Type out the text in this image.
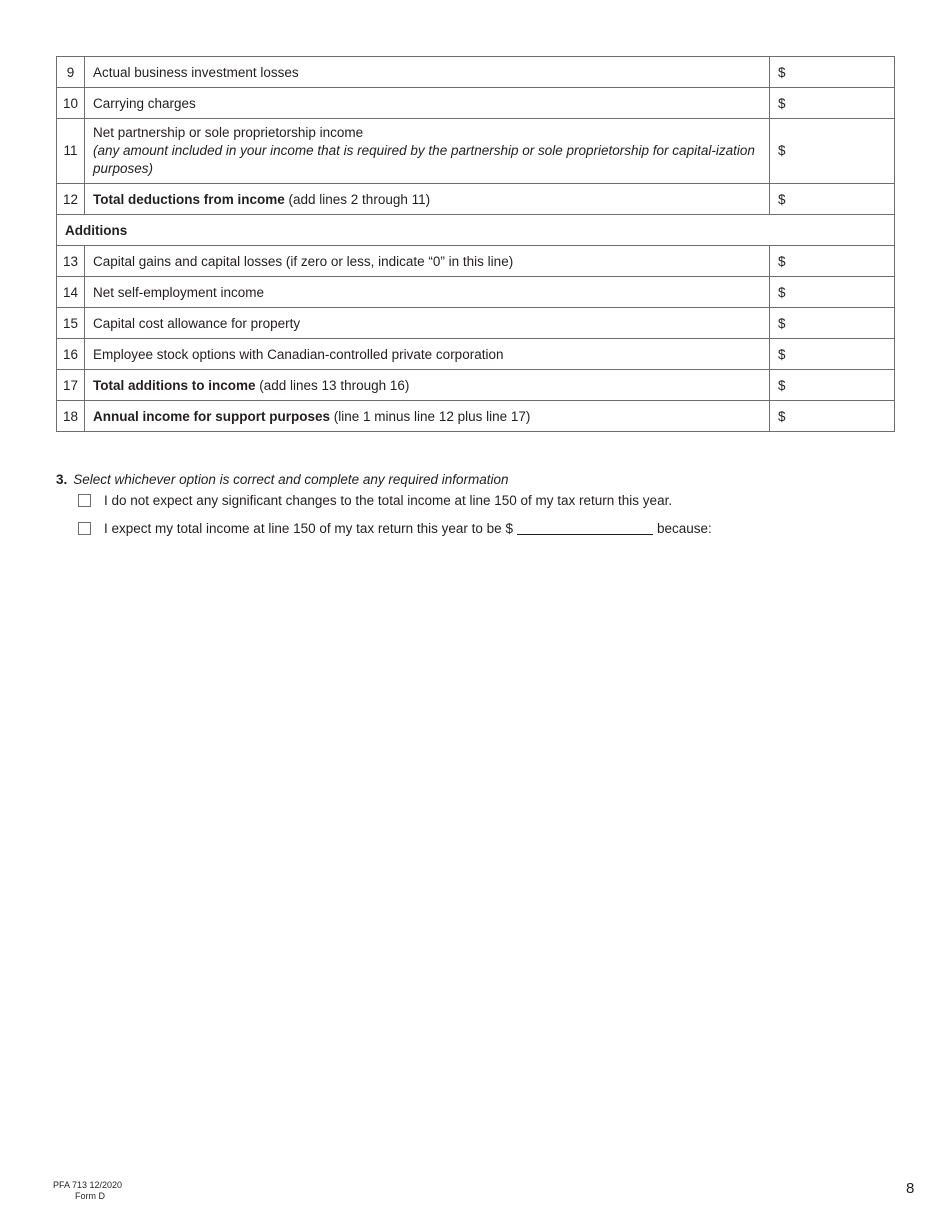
9	Actual business investment losses	$
10	Carrying charges	$
11	Net partnership or sole proprietorship income
(any amount included in your income that is required by the partnership or sole proprietorship for capital-ization purposes)	$
12	Total deductions from income (add lines 2 through 11)	$
Additions		
13	Capital gains and capital losses (if zero or less, indicate “0” in this line)	$
14	Net self-employment income	$
15	Capital cost allowance for property	$
16	Employee stock options with Canadian-controlled private corporation	$
17	Total additions to income (add lines 13 through 16)	$
18	Annual income for support purposes (line 1 minus line 12 plus line 17)	$
3. Select whichever option is correct and complete any required information
I do not expect any significant changes to the total income at line 150 of my tax return this year.
I expect my total income at line 150 of my tax return this year to be $	because:
PFA 713 12/2020
Form D	8
